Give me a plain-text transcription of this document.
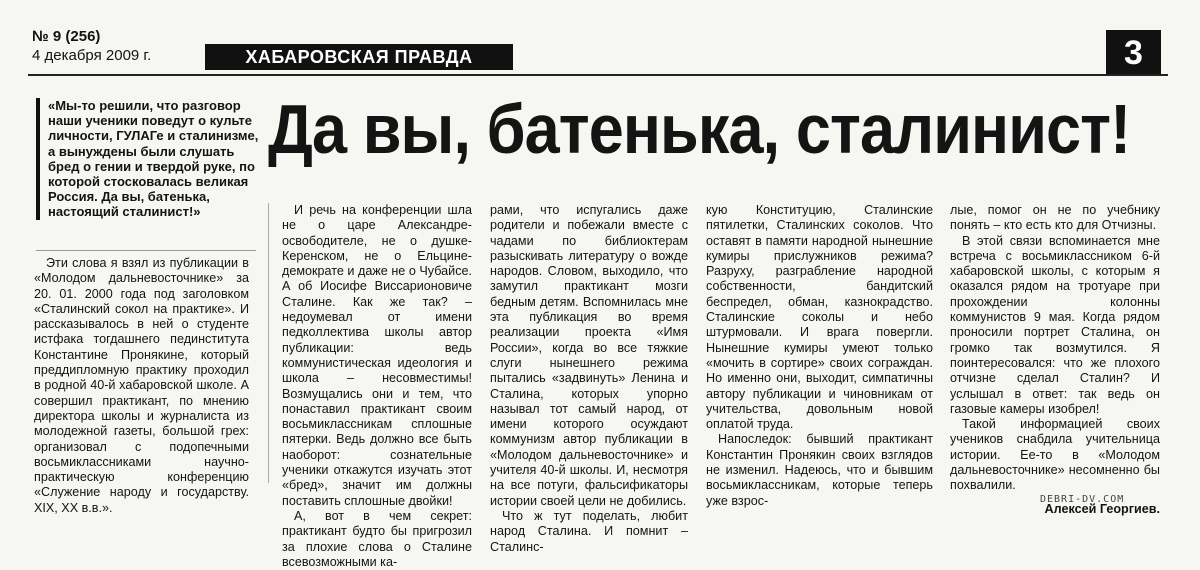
№ 9 (256)
4 декабря 2009 г.	ХАБАРОВСКАЯ ПРАВДА	3
Да вы, батенька, сталинист!
«Мы-то решили, что разговор наши ученики поведут о культе личности, ГУЛАГе и сталинизме, а вынуждены были слушать бред о гении и твердой руке, по которой стосковалась великая Россия. Да вы, батенька, настоящий сталинист!»

Эти слова я взял из публикации в «Молодом дальневосточнике» за 20. 01. 2000 года под заголовком «Сталинский сокол на практике». И рассказывалось в ней о студенте истфака тогдашнего пединститута Константине Пронякине, который преддипломную практику проходил в родной 40-й хабаровской школе. А совершил практикант, по мнению директора школы и журналиста из молодежной газеты, большой грех: организовал с подопечными восьмиклассниками научно-практическую конференцию «Служение народу и государству. XIX, XX в.в.».

И речь на конференции шла не о царе Александре-освободителе, не о душке-Керенском, не о Ельцине-демократе и даже не о Чубайсе. А об Иосифе Виссарионовиче Сталине. Как же так? – недоумевал от имени педколлектива школы автор публикации: ведь коммунистическая идеология и школа – несовместимы! Возмущались они и тем, что понаставил практикант своим восьмиклассникам сплошные пятерки. Ведь должно все быть наоборот: сознательные ученики откажутся изучать этот «бред», значит им должны поставить сплошные двойки!

А, вот в чем секрет: практикант будто бы пригрозил за плохие слова о Сталине всевозможными ка-

рами, что испугались даже родители и побежали вместе с чадами по библиоктерам разыскивать литературу о вожде народов. Словом, выходило, что замутил практикант мозги бедным детям. Вспомнилась мне эта публикация во время реализации проекта «Имя России», когда во все тяжкие слуги нынешнего режима пытались «задвинуть» Ленина и Сталина, которых упорно называл тот самый народ, от имени которого осуждают коммунизм автор публикации в «Молодом дальневосточнике» и учителя 40-й школы. И, несмотря на все потуги, фальсификаторы истории своей цели не добились.

Что ж тут поделать, любит народ Сталина. И помнит – Сталинс-

кую Конституцию, Сталинские пятилетки, Сталинских соколов. Что оставят в памяти народной нынешние кумиры прислужников режима? Разруху, разграбление народной собственности, бандитский беспредел, обман, казнокрадство. Сталинские соколы и небо штурмовали. И врага повергли. Нынешние кумиры умеют только «мочить в сортире» своих сограждан. Но именно они, выходит, симпатичны автору публикации и чиновникам от учительства, довольным новой оплатой труда.

Напоследок: бывший практикант Константин Пронякин своих взглядов не изменил. Надеюсь, что и бывшим восьмиклассникам, которые теперь уже взрос-

лые, помог он не по учебнику понять – кто есть кто для Отчизны.

В этой связи вспоминается мне встреча с восьмиклассником 6-й хабаровской школы, с которым я оказался рядом на тротуаре при прохождении колонны коммунистов 9 мая. Когда рядом проносили портрет Сталина, он громко так возмутился. Я поинтересовался: что же плохого отчизне сделал Сталин? И услышал в ответ: так ведь он газовые камеры изобрел!

Такой информацией своих учеников снабдила учительница истории. Ее-то в «Молодом дальневосточнике» несомненно бы похвалили.

Алексей Георгиев.
DEBRI-DV.COM
